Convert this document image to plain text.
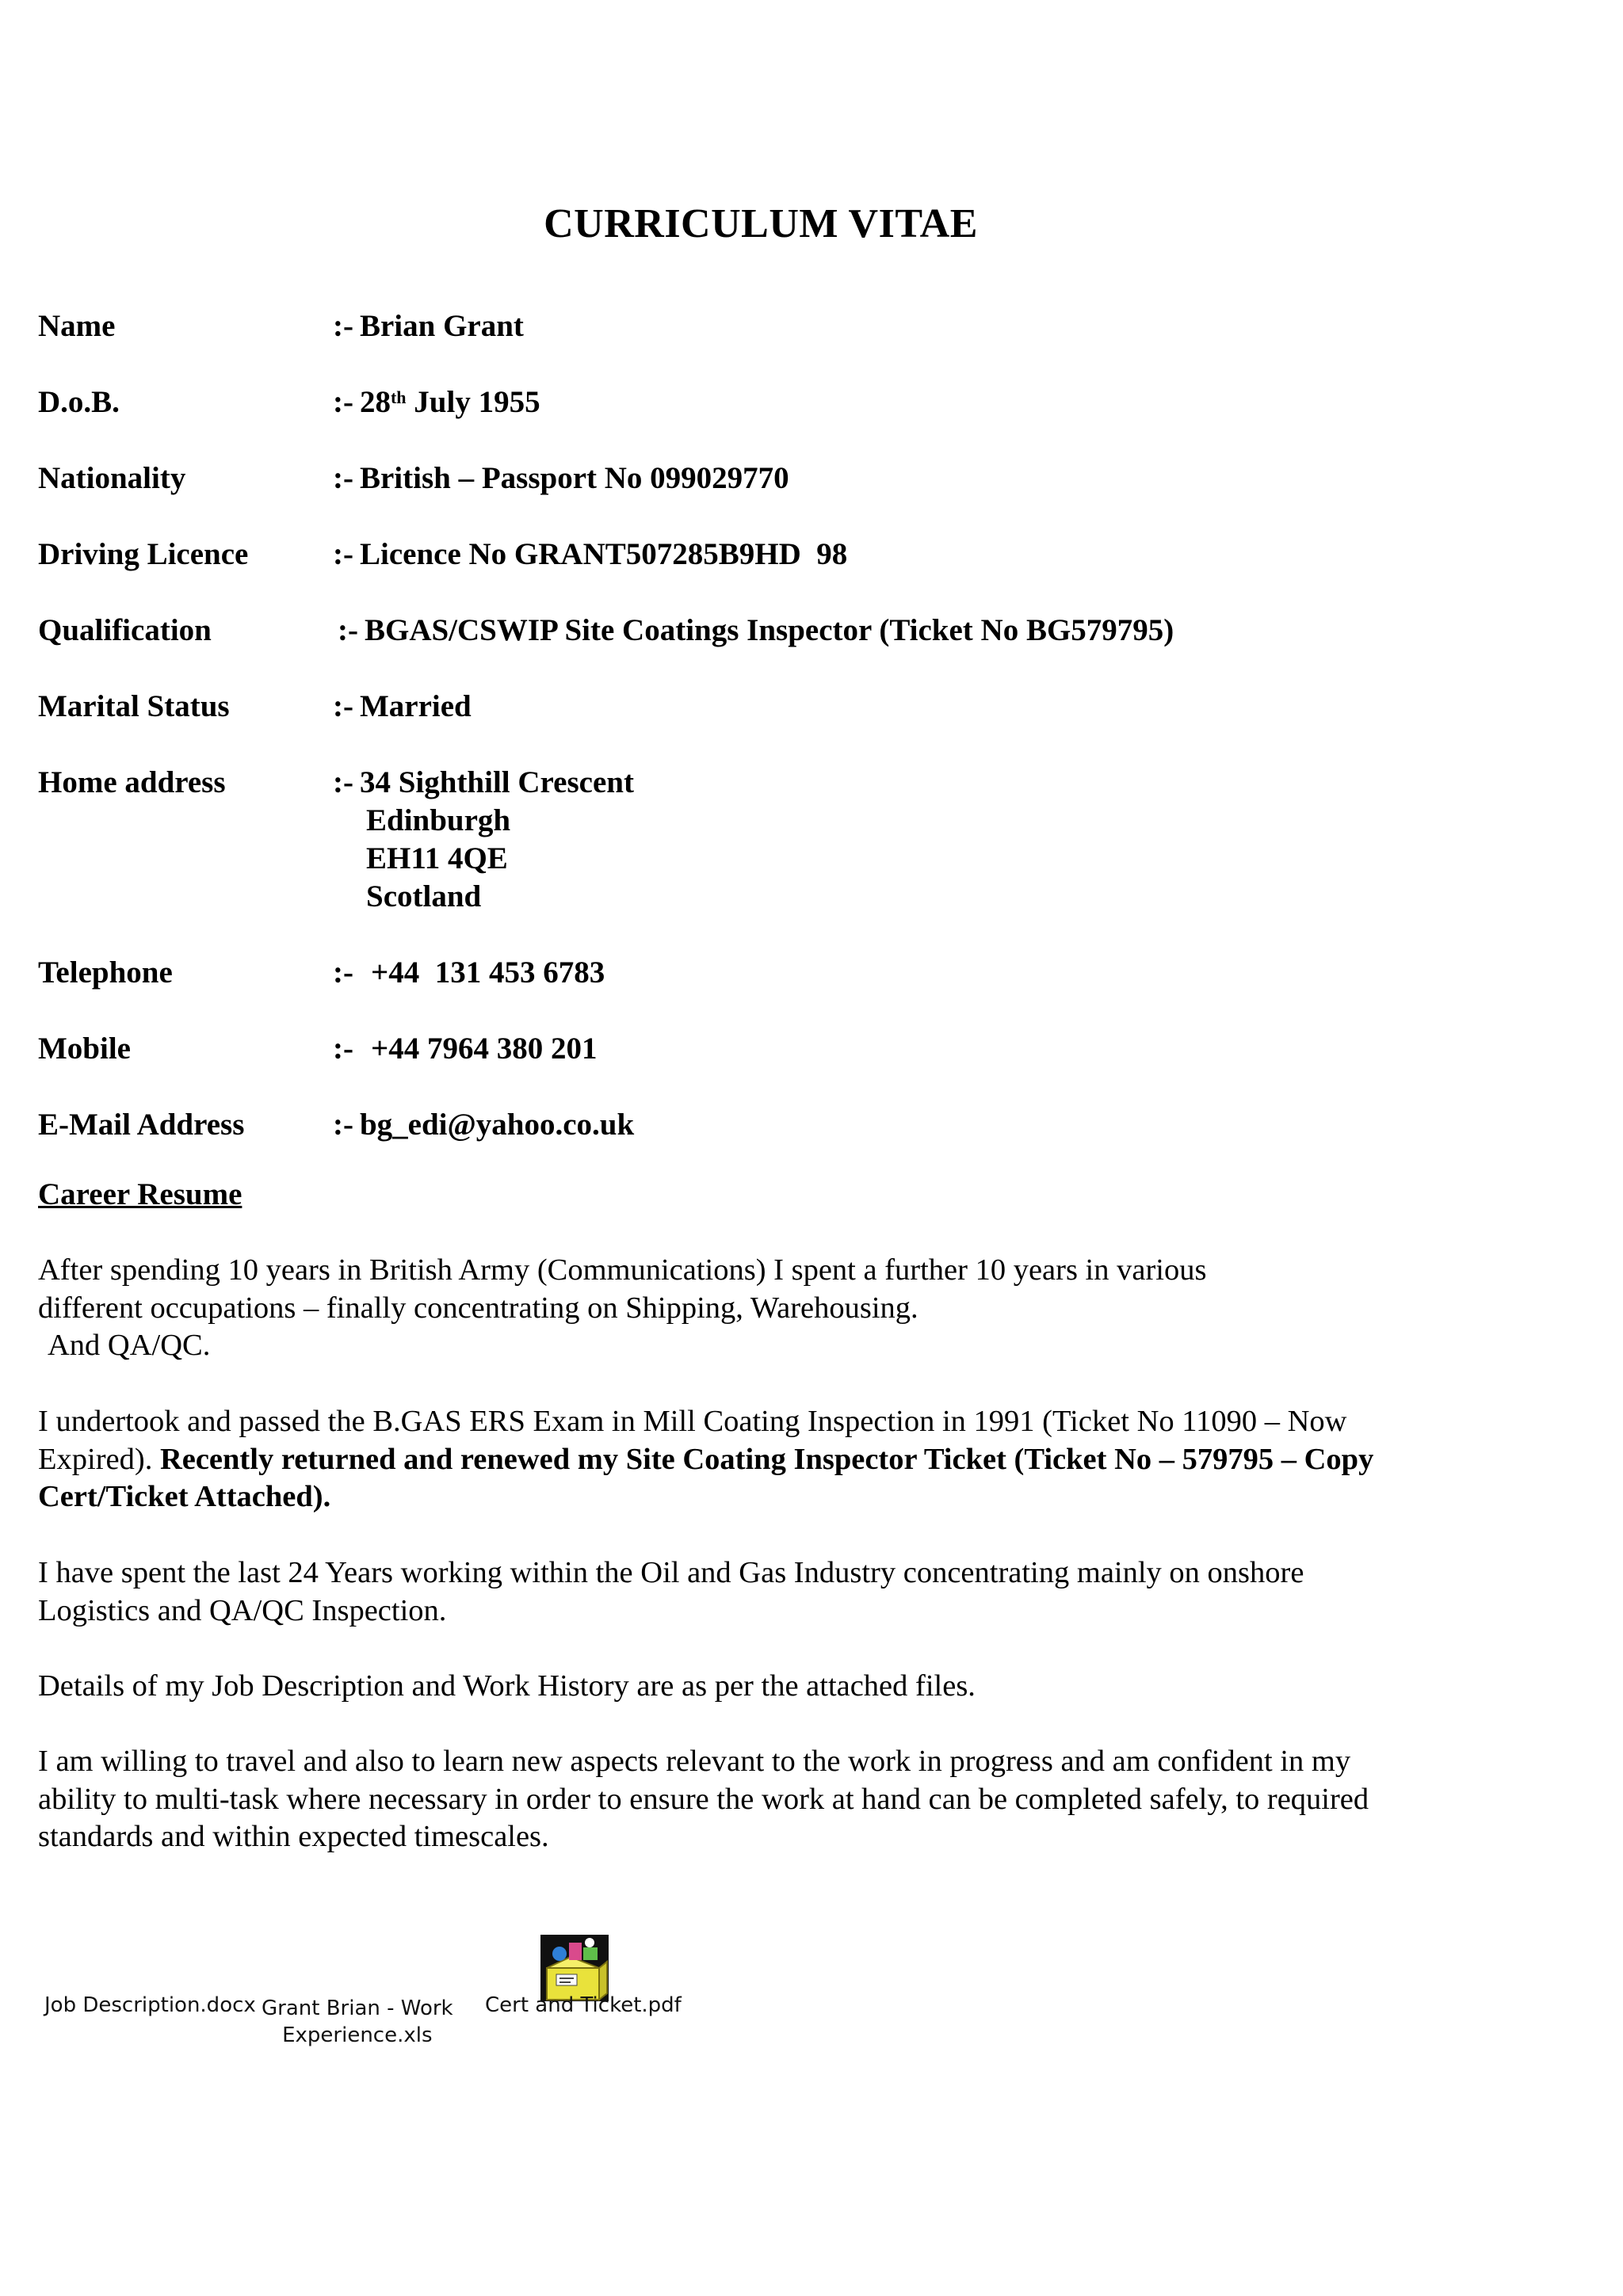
CURRICULUM VITAE
Name	:- Brian Grant
D.o.B.	:- 28th July 1955
Nationality	:- British – Passport No 099029770
Driving Licence	:- Licence No GRANT507285B9HD  98
Qualification	:- BGAS/CSWIP Site Coatings Inspector (Ticket No BG579795)
Marital Status	:- Married
Home address	:- 34 Sighthill Crescent
Edinburgh
EH11 4QE
Scotland
Telephone	:- +44  131 453 6783
Mobile	:- +44 7964 380 201
E-Mail Address	:- bg_edi@yahoo.co.uk
Career Resume
After spending 10 years in British Army (Communications) I spent a further 10 years in various
different occupations – finally concentrating on Shipping, Warehousing.
And QA/QC.
I undertook and passed the B.GAS ERS Exam in Mill Coating Inspection in 1991 (Ticket No 11090 – Now Expired). Recently returned and renewed my Site Coating Inspector Ticket (Ticket No – 579795 – Copy Cert/Ticket Attached).
I have spent the last 24 Years working within the Oil and Gas Industry concentrating mainly on onshore Logistics and QA/QC Inspection.
Details of my Job Description and Work History are as per the attached files.
I am willing to travel and also to learn new aspects relevant to the work in progress and am confident in my ability to multi-task where necessary in order to ensure the work at hand can be completed safely, to required standards and within expected timescales.
Job Description.docx Grant Brian - Work
Experience.xls
Cert and Ticket.pdf
